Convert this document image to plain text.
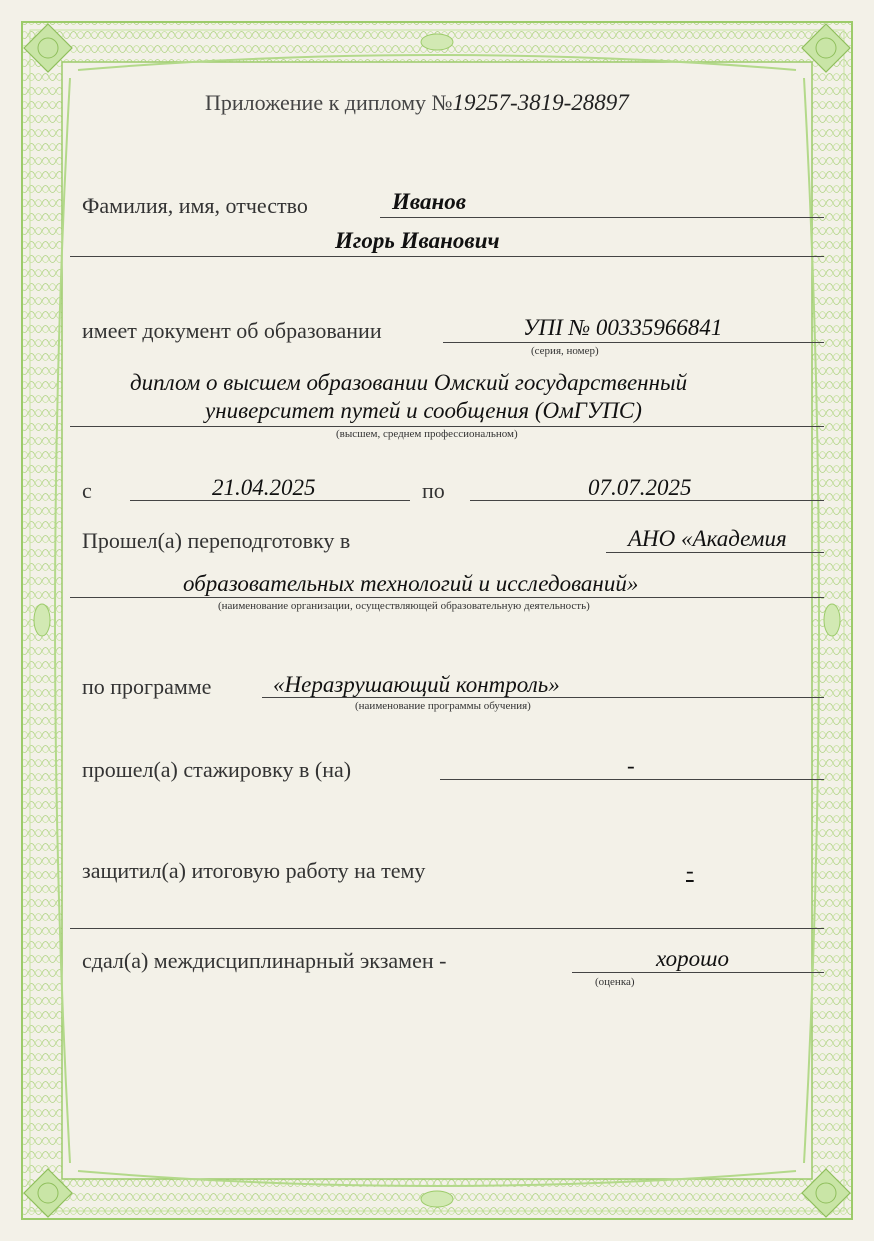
Приложение к диплому №19257-3819-28897
Фамилия, имя, отчество	Иванов
Игорь Иванович
имеет документ об образовании	УПI № 00335966841
(серия, номер)
диплом о высшем образовании Омский государственный
университет путей и сообщения (ОмГУПС)
(высшем, среднем профессиональном)
с	21.04.2025	по	07.07.2025
Прошел(а) переподготовку в	АНО «Академия
образовательных технологий и исследований»
(наименование организации, осуществляющей образовательную деятельность)
по программе	«Неразрушающий контроль»
(наименование программы обучения)
прошел(а) стажировку в (на)	-
защитил(а) итоговую работу на тему	-
сдал(а) междисциплинарный экзамен -	хорошо
(оценка)
